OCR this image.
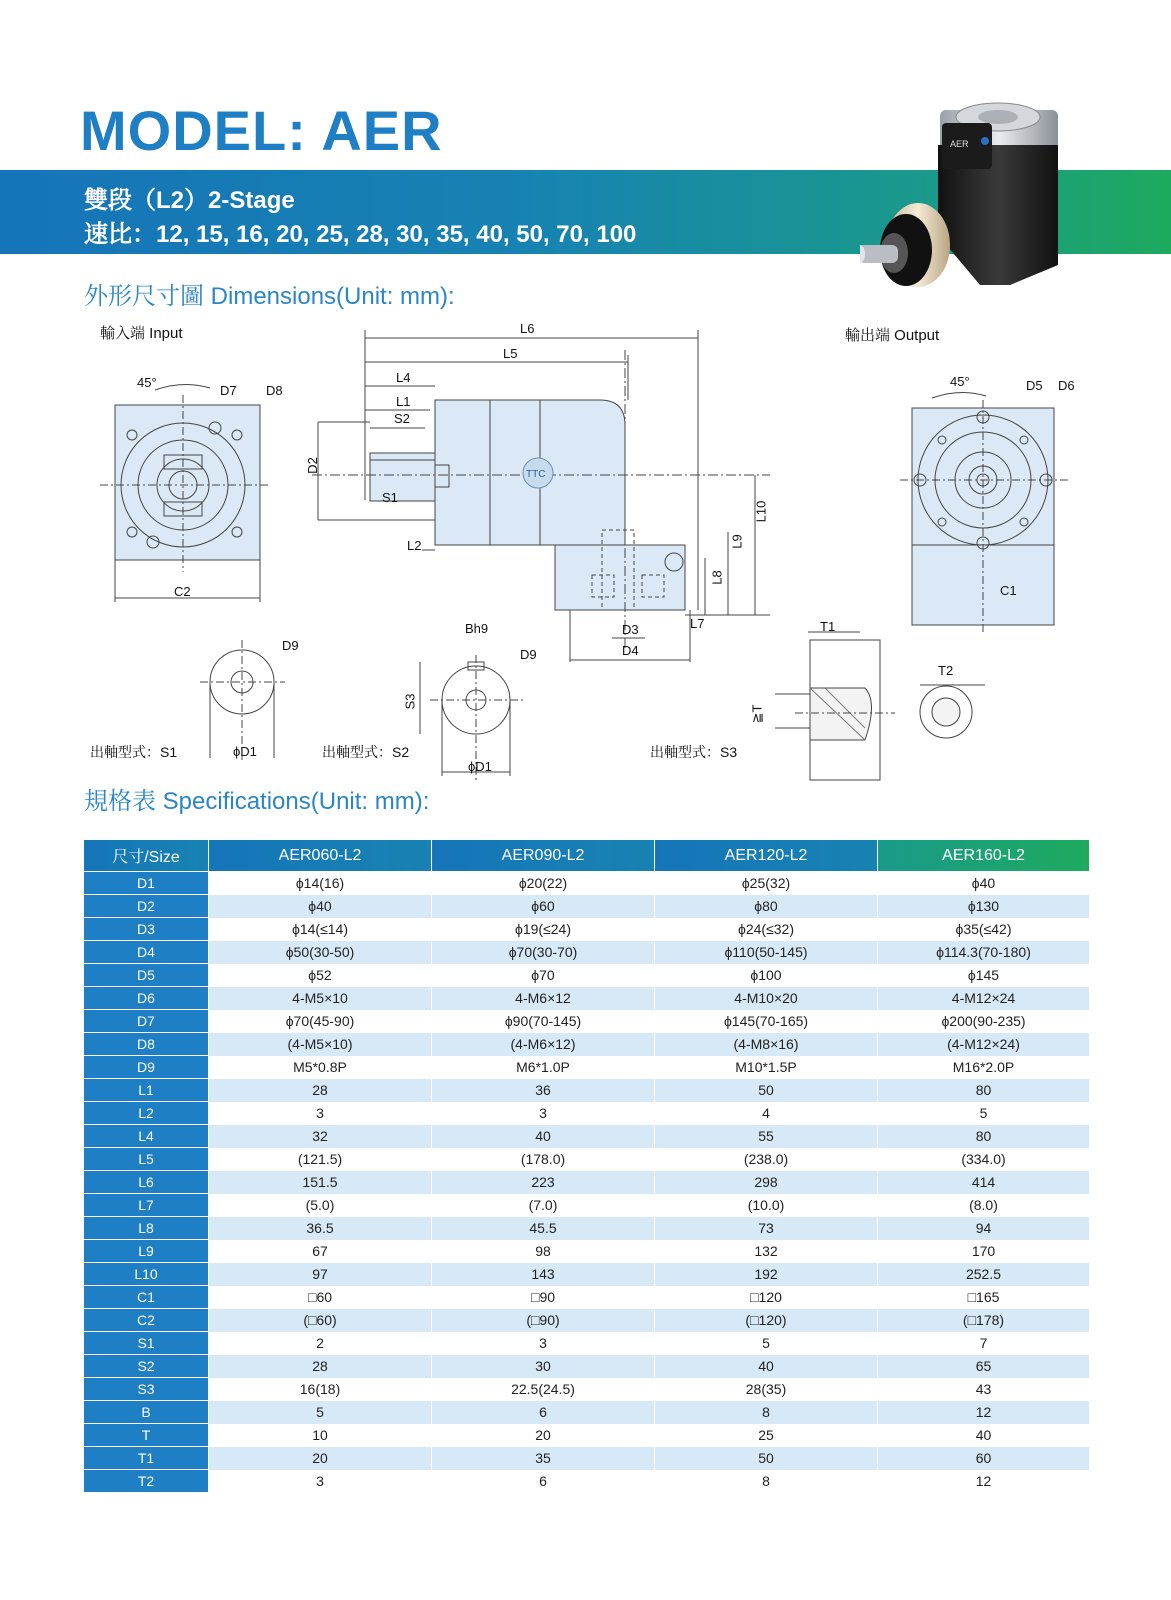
MODEL: AER
雙段（L2）2-Stage
速比：12, 15, 16, 20, 25, 28, 30, 35, 40, 50, 70, 100
AER
外形尺寸圖 Dimensions(Unit: mm):
TTC
輸入端 Input	輸出端 Output
45°	45°
D7 D8
C2
L6
L5
L4
L1
S2
S1
D2
L2
L10
L9
L8
L7
D3
D4
D5 D6
C1
D9
ϕD1
Bh9
D9
S3
ϕD1
T1
≧T
T2
出軸型式：S1	出軸型式：S2	出軸型式：S3
規格表 Specifications(Unit: mm):
尺寸/Size	AER060-L2	AER090-L2	AER120-L2	AER160-L2
D1	ϕ14(16)	ϕ20(22)	ϕ25(32)	ϕ40
D2	ϕ40	ϕ60	ϕ80	ϕ130
D3	ϕ14(≤14)	ϕ19(≤24)	ϕ24(≤32)	ϕ35(≤42)
D4	ϕ50(30-50)	ϕ70(30-70)	ϕ110(50-145)	ϕ114.3(70-180)
D5	ϕ52	ϕ70	ϕ100	ϕ145
D6	4-M5×10	4-M6×12	4-M10×20	4-M12×24
D7	ϕ70(45-90)	ϕ90(70-145)	ϕ145(70-165)	ϕ200(90-235)
D8	(4-M5×10)	(4-M6×12)	(4-M8×16)	(4-M12×24)
D9	M5*0.8P	M6*1.0P	M10*1.5P	M16*2.0P
L1	28	36	50	80
L2	3	3	4	5
L4	32	40	55	80
L5	(121.5)	(178.0)	(238.0)	(334.0)
L6	151.5	223	298	414
L7	(5.0)	(7.0)	(10.0)	(8.0)
L8	36.5	45.5	73	94
L9	67	98	132	170
L10	97	143	192	252.5
C1	□60	□90	□120	□165
C2	(□60)	(□90)	(□120)	(□178)
S1	2	3	5	7
S2	28	30	40	65
S3	16(18)	22.5(24.5)	28(35)	43
B	5	6	8	12
T	10	20	25	40
T1	20	35	50	60
T2	3	6	8	12
